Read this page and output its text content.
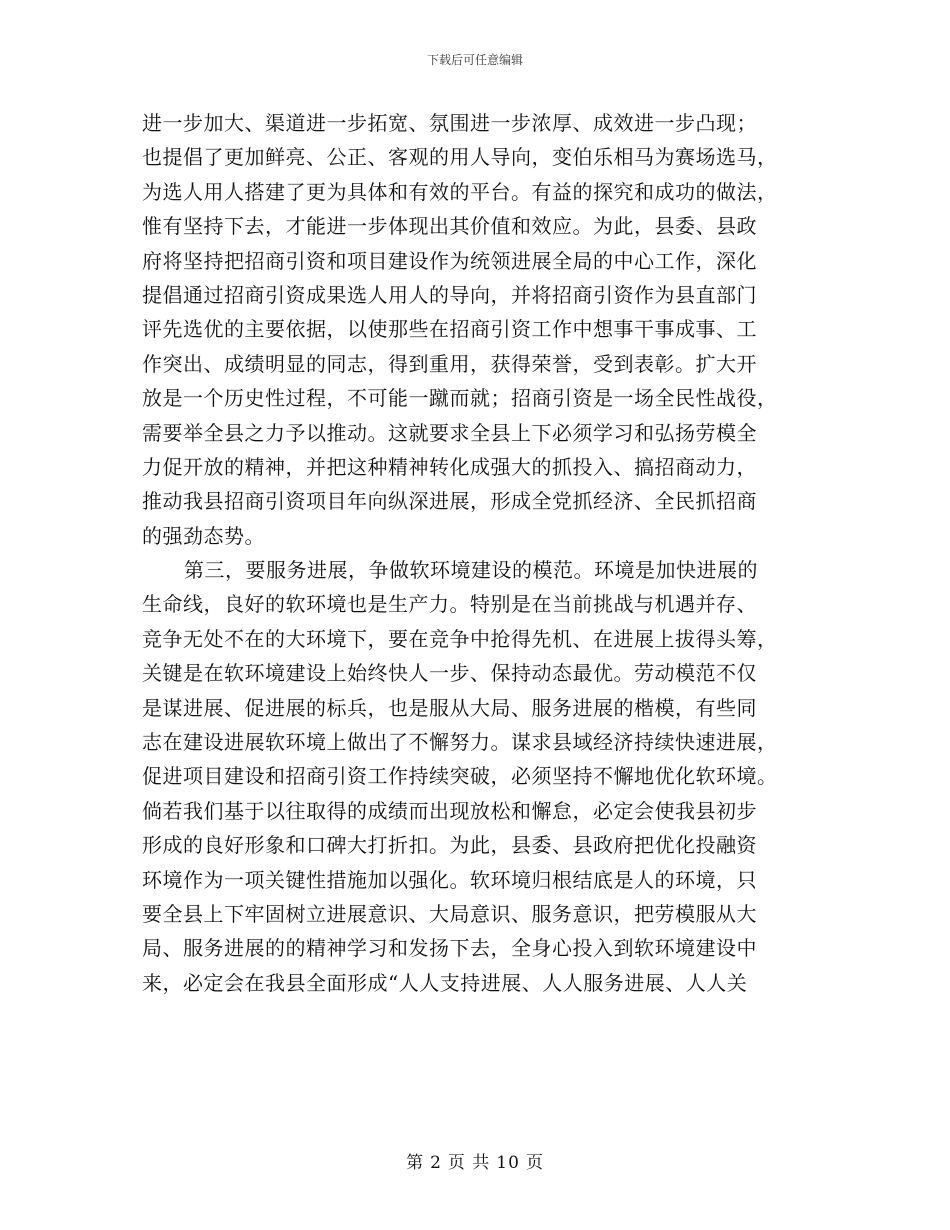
下载后可任意编辑
进一步加大、渠道进一步拓宽、氛围进一步浓厚、成效进一步凸现；
也提倡了更加鲜亮、公正、客观的用人导向，变伯乐相马为赛场选马，
为选人用人搭建了更为具体和有效的平台。有益的探究和成功的做法，
惟有坚持下去，才能进一步体现出其价值和效应。为此，县委、县政
府将坚持把招商引资和项目建设作为统领进展全局的中心工作，深化
提倡通过招商引资成果选人用人的导向，并将招商引资作为县直部门
评先选优的主要依据，以使那些在招商引资工作中想事干事成事、工
作突出、成绩明显的同志，得到重用，获得荣誉，受到表彰。扩大开
放是一个历史性过程，不可能一蹴而就；招商引资是一场全民性战役，
需要举全县之力予以推动。这就要求全县上下必须学习和弘扬劳模全
力促开放的精神，并把这种精神转化成强大的抓投入、搞招商动力，
推动我县招商引资项目年向纵深进展，形成全党抓经济、全民抓招商
的强劲态势。
第三，要服务进展，争做软环境建设的模范。环境是加快进展的
生命线，良好的软环境也是生产力。特别是在当前挑战与机遇并存、
竞争无处不在的大环境下，要在竞争中抢得先机、在进展上拔得头筹，
关键是在软环境建设上始终快人一步、保持动态最优。劳动模范不仅
是谋进展、促进展的标兵，也是服从大局、服务进展的楷模，有些同
志在建设进展软环境上做出了不懈努力。谋求县域经济持续快速进展，
促进项目建设和招商引资工作持续突破，必须坚持不懈地优化软环境。
倘若我们基于以往取得的成绩而出现放松和懈怠，必定会使我县初步
形成的良好形象和口碑大打折扣。为此，县委、县政府把优化投融资
环境作为一项关键性措施加以强化。软环境归根结底是人的环境，只
要全县上下牢固树立进展意识、大局意识、服务意识，把劳模服从大
局、服务进展的的精神学习和发扬下去，全身心投入到软环境建设中
来，必定会在我县全面形成“人人支持进展、人人服务进展、人人关
第 2 页 共 10 页
